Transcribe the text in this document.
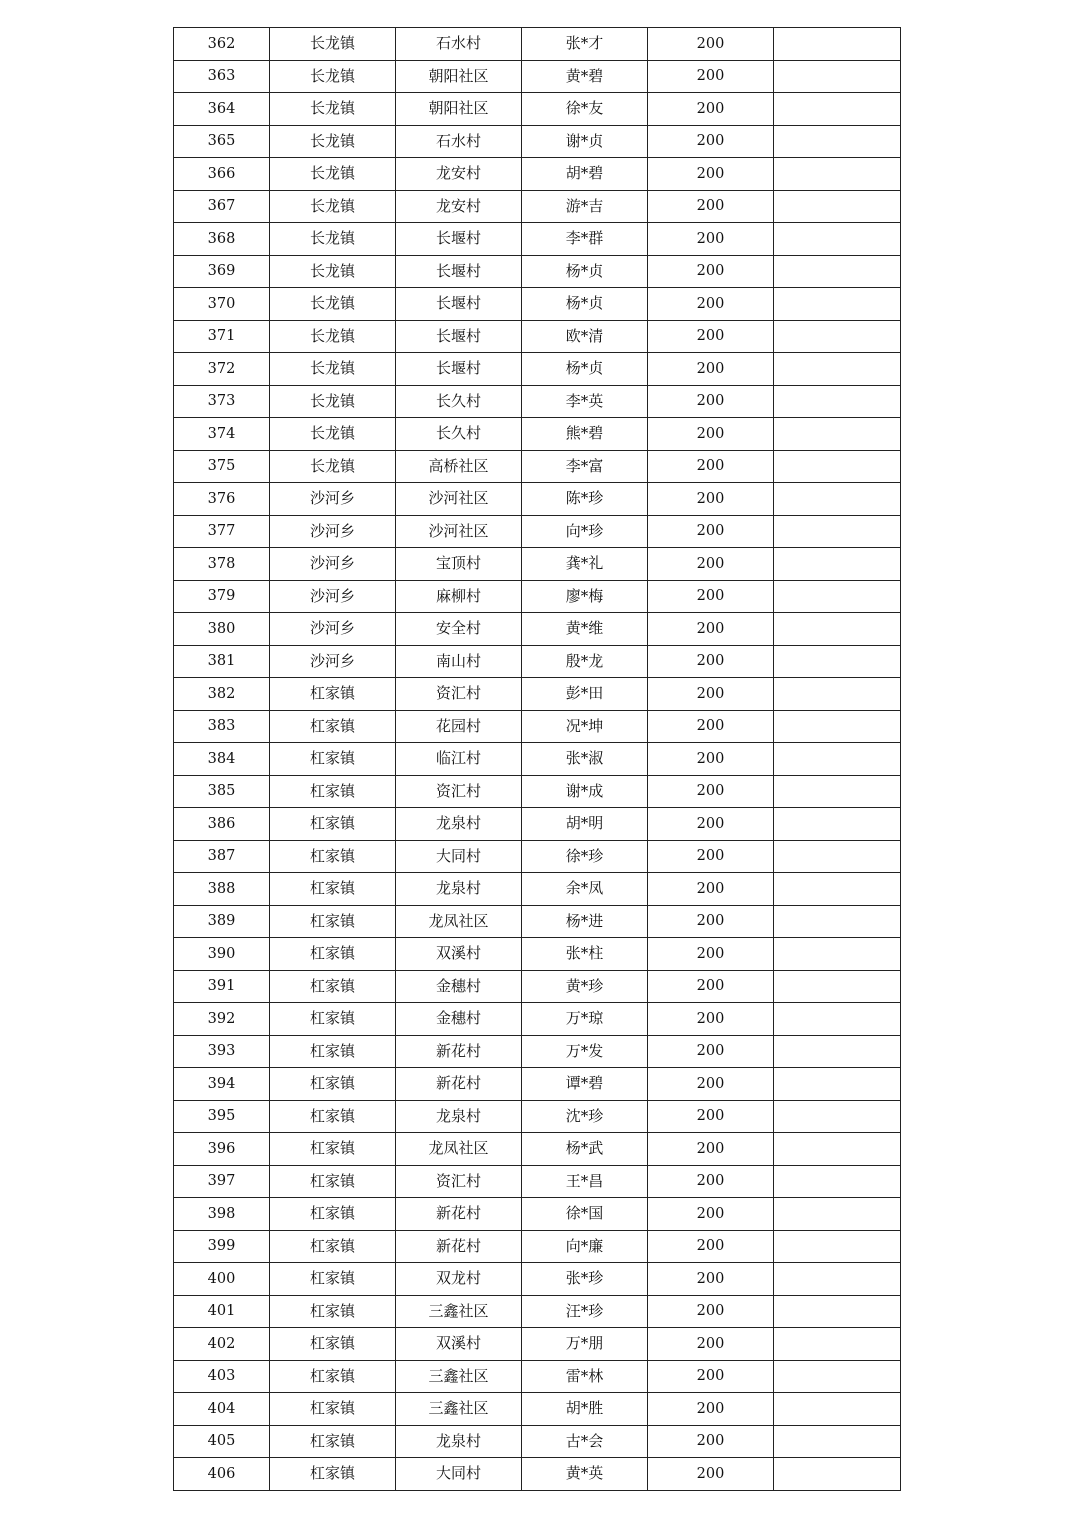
362	长龙镇	石水村	张*才	200	
363	长龙镇	朝阳社区	黄*碧	200	
364	长龙镇	朝阳社区	徐*友	200	
365	长龙镇	石水村	谢*贞	200	
366	长龙镇	龙安村	胡*碧	200	
367	长龙镇	龙安村	游*吉	200	
368	长龙镇	长堰村	李*群	200	
369	长龙镇	长堰村	杨*贞	200	
370	长龙镇	长堰村	杨*贞	200	
371	长龙镇	长堰村	欧*清	200	
372	长龙镇	长堰村	杨*贞	200	
373	长龙镇	长久村	李*英	200	
374	长龙镇	长久村	熊*碧	200	
375	长龙镇	高桥社区	李*富	200	
376	沙河乡	沙河社区	陈*珍	200	
377	沙河乡	沙河社区	向*珍	200	
378	沙河乡	宝顶村	龚*礼	200	
379	沙河乡	麻柳村	廖*梅	200	
380	沙河乡	安全村	黄*维	200	
381	沙河乡	南山村	殷*龙	200	
382	杠家镇	资汇村	彭*田	200	
383	杠家镇	花园村	况*坤	200	
384	杠家镇	临江村	张*淑	200	
385	杠家镇	资汇村	谢*成	200	
386	杠家镇	龙泉村	胡*明	200	
387	杠家镇	大同村	徐*珍	200	
388	杠家镇	龙泉村	余*凤	200	
389	杠家镇	龙凤社区	杨*进	200	
390	杠家镇	双溪村	张*柱	200	
391	杠家镇	金穗村	黄*珍	200	
392	杠家镇	金穗村	万*琼	200	
393	杠家镇	新花村	万*发	200	
394	杠家镇	新花村	谭*碧	200	
395	杠家镇	龙泉村	沈*珍	200	
396	杠家镇	龙凤社区	杨*武	200	
397	杠家镇	资汇村	王*昌	200	
398	杠家镇	新花村	徐*国	200	
399	杠家镇	新花村	向*廉	200	
400	杠家镇	双龙村	张*珍	200	
401	杠家镇	三鑫社区	汪*珍	200	
402	杠家镇	双溪村	万*朋	200	
403	杠家镇	三鑫社区	雷*林	200	
404	杠家镇	三鑫社区	胡*胜	200	
405	杠家镇	龙泉村	古*会	200	
406	杠家镇	大同村	黄*英	200	
